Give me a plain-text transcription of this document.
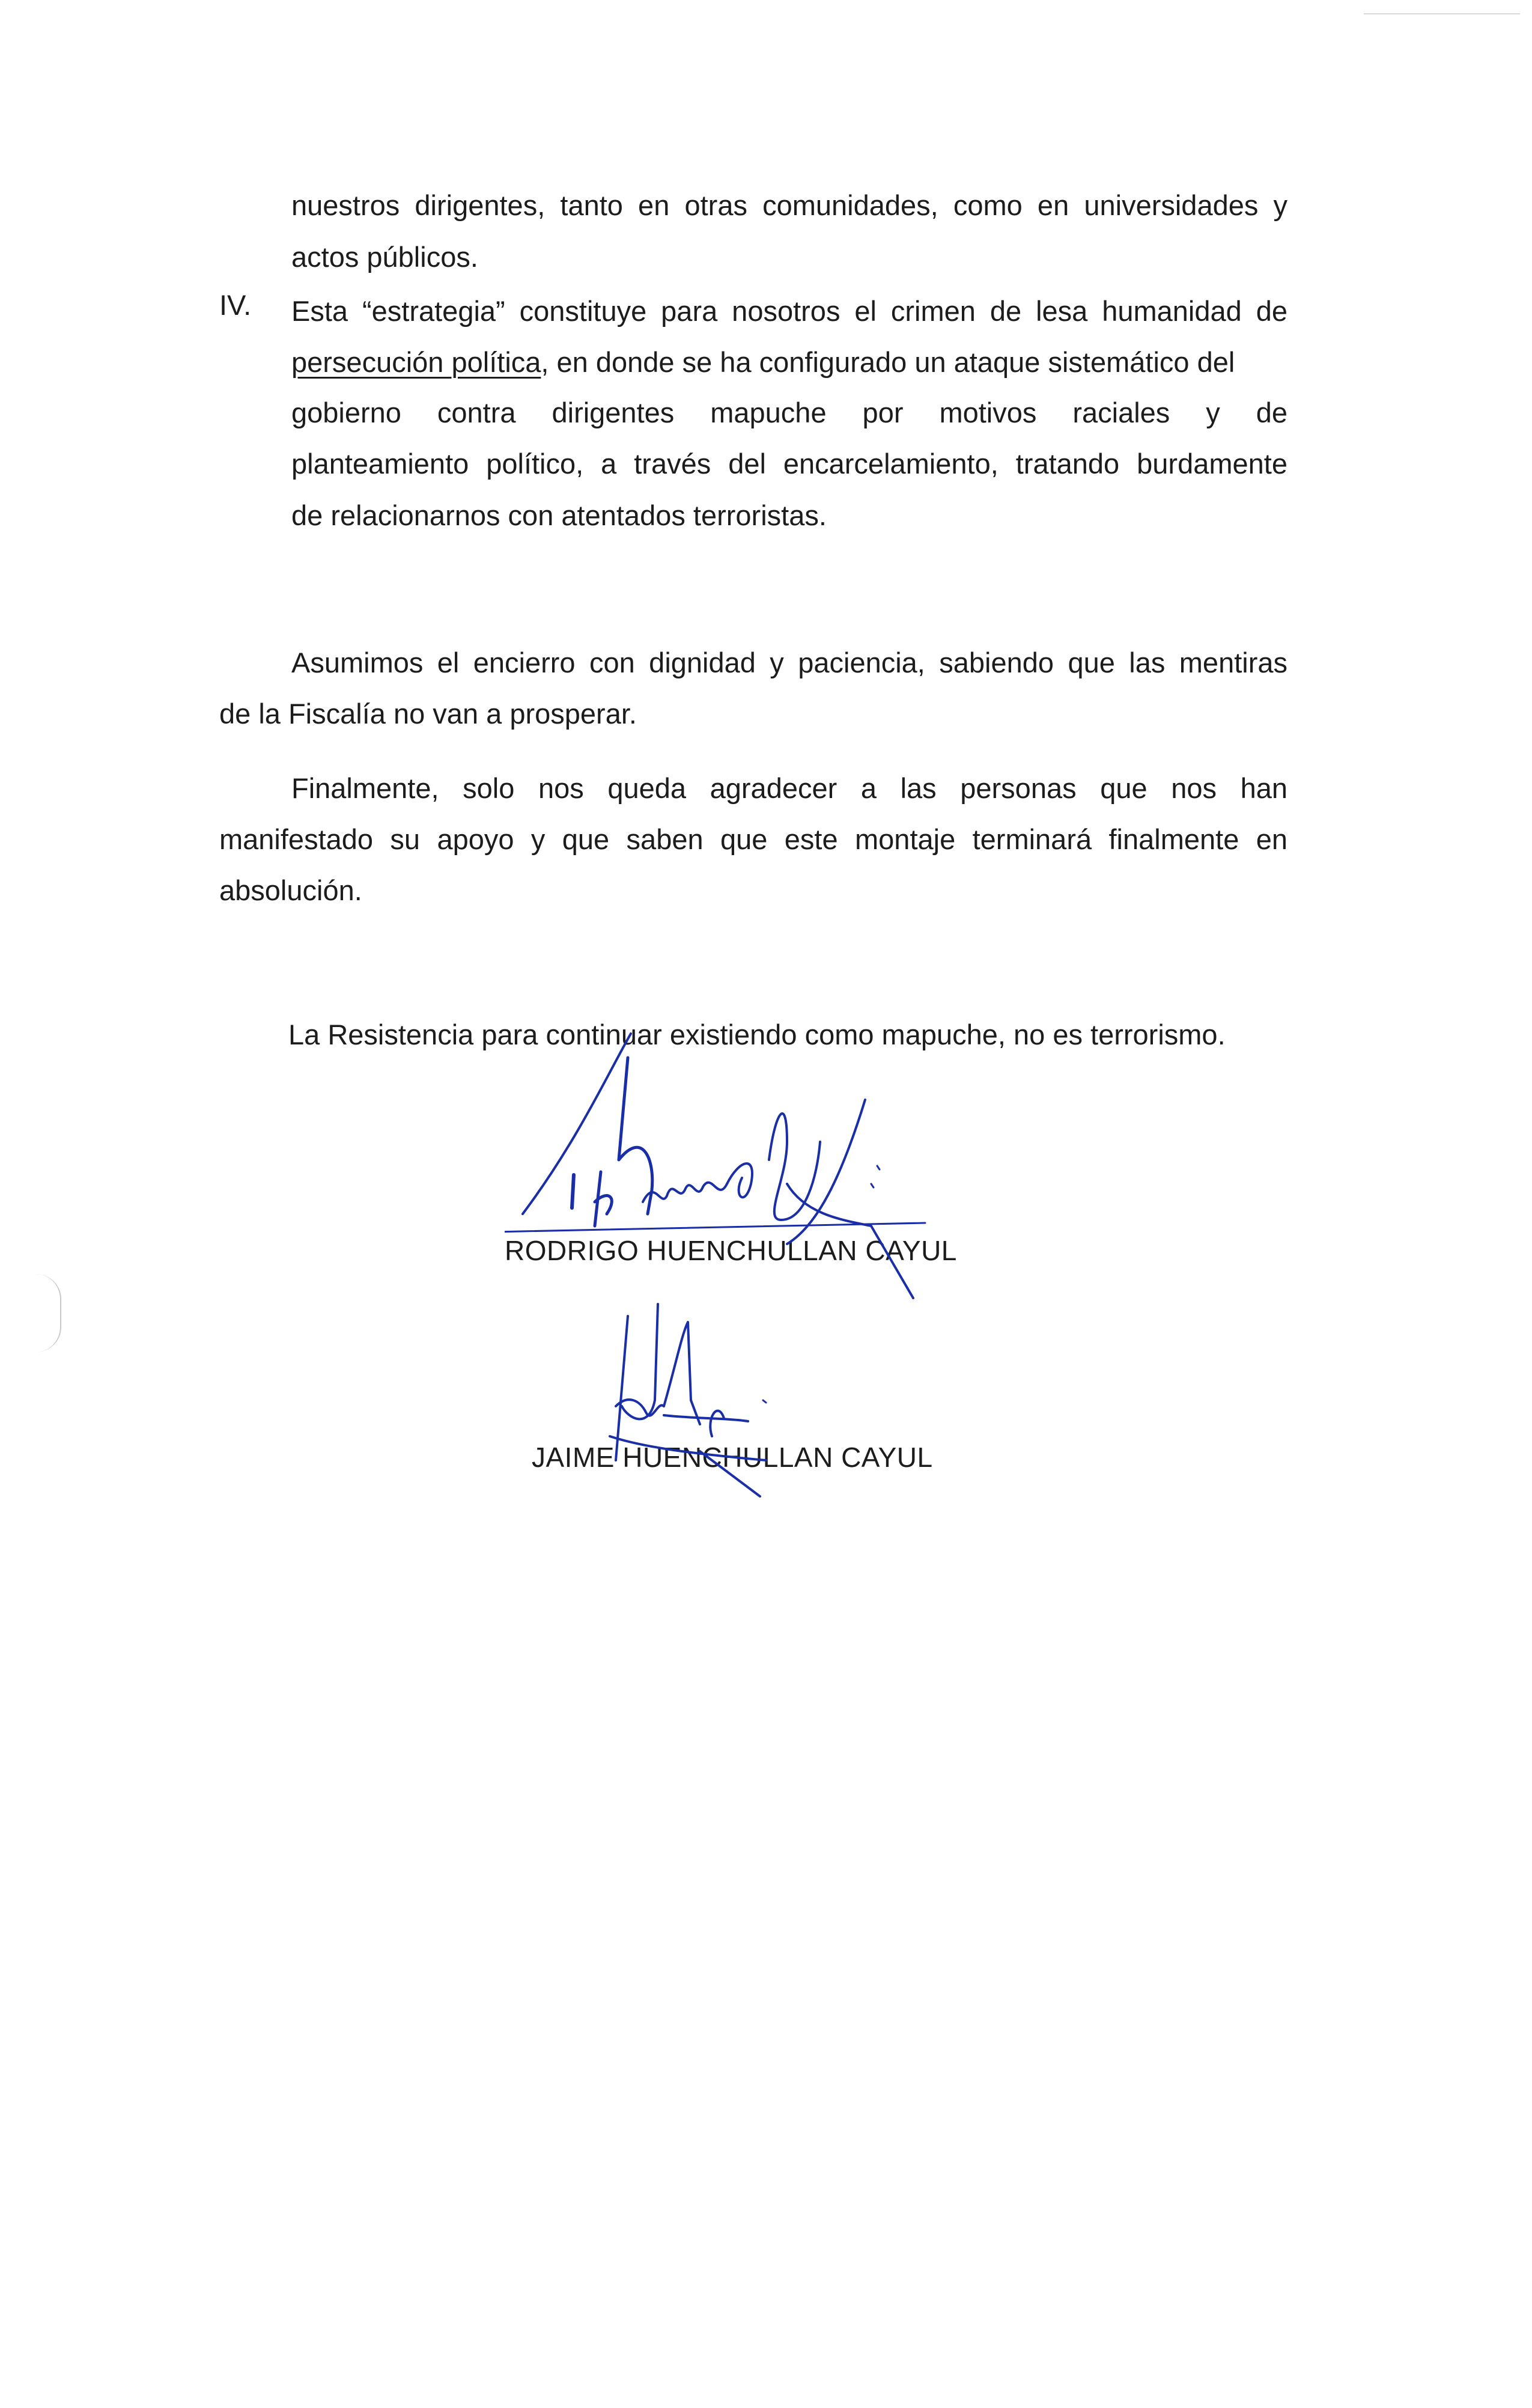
nuestros dirigentes, tanto en otras comunidades, como en universidades y
actos públicos.
IV. Esta “estrategia” constituye para nosotros el crimen de lesa humanidad de
persecución política, en donde se ha configurado un ataque sistemático del
gobierno contra dirigentes mapuche por motivos raciales y de
planteamiento político, a través del encarcelamiento, tratando burdamente
de relacionarnos con atentados terroristas.
Asumimos el encierro con dignidad y paciencia, sabiendo que las mentiras
de la Fiscalía no van a prosperar.
Finalmente, solo nos queda agradecer a las personas que nos han
manifestado su apoyo y que saben que este montaje terminará finalmente en
absolución.
La Resistencia para continuar existiendo como mapuche, no es terrorismo.
RODRIGO HUENCHULLAN CAYUL
JAIME HUENCHULLAN CAYUL
